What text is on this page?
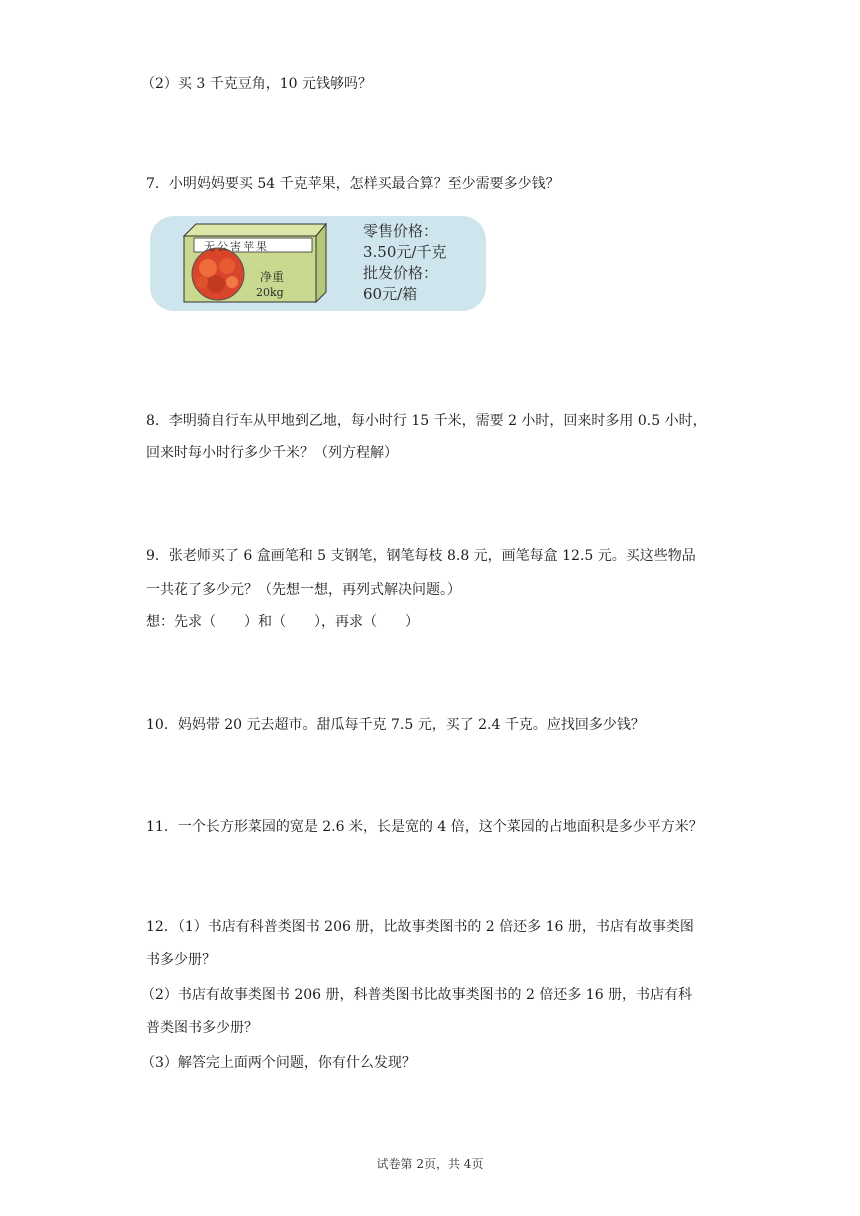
（2）买 3 千克豆角，10 元钱够吗？
7．小明妈妈要买 54 千克苹果，怎样买最合算？至少需要多少钱？
无公害苹果
净重
20kg
零售价格：
3.50元/千克
批发价格：
60元/箱
8．李明骑自行车从甲地到乙地，每小时行 15 千米，需要 2 小时，回来时多用 0.5 小时，
回来时每小时行多少千米？（列方程解）
9．张老师买了 6 盒画笔和 5 支钢笔，钢笔每枝 8.8 元，画笔每盒 12.5 元。买这些物品
一共花了多少元？（先想一想，再列式解决问题。）
想：先求（　　）和（　　），再求（　　）
10．妈妈带 20 元去超市。甜瓜每千克 7.5 元，买了 2.4 千克。应找回多少钱？
11．一个长方形菜园的宽是 2.6 米，长是宽的 4 倍，这个菜园的占地面积是多少平方米？
12．（1）书店有科普类图书 206 册，比故事类图书的 2 倍还多 16 册，书店有故事类图
书多少册？
（2）书店有故事类图书 206 册，科普类图书比故事类图书的 2 倍还多 16 册，书店有科
普类图书多少册？
（3）解答完上面两个问题，你有什么发现？
试卷第 2页，共 4页
